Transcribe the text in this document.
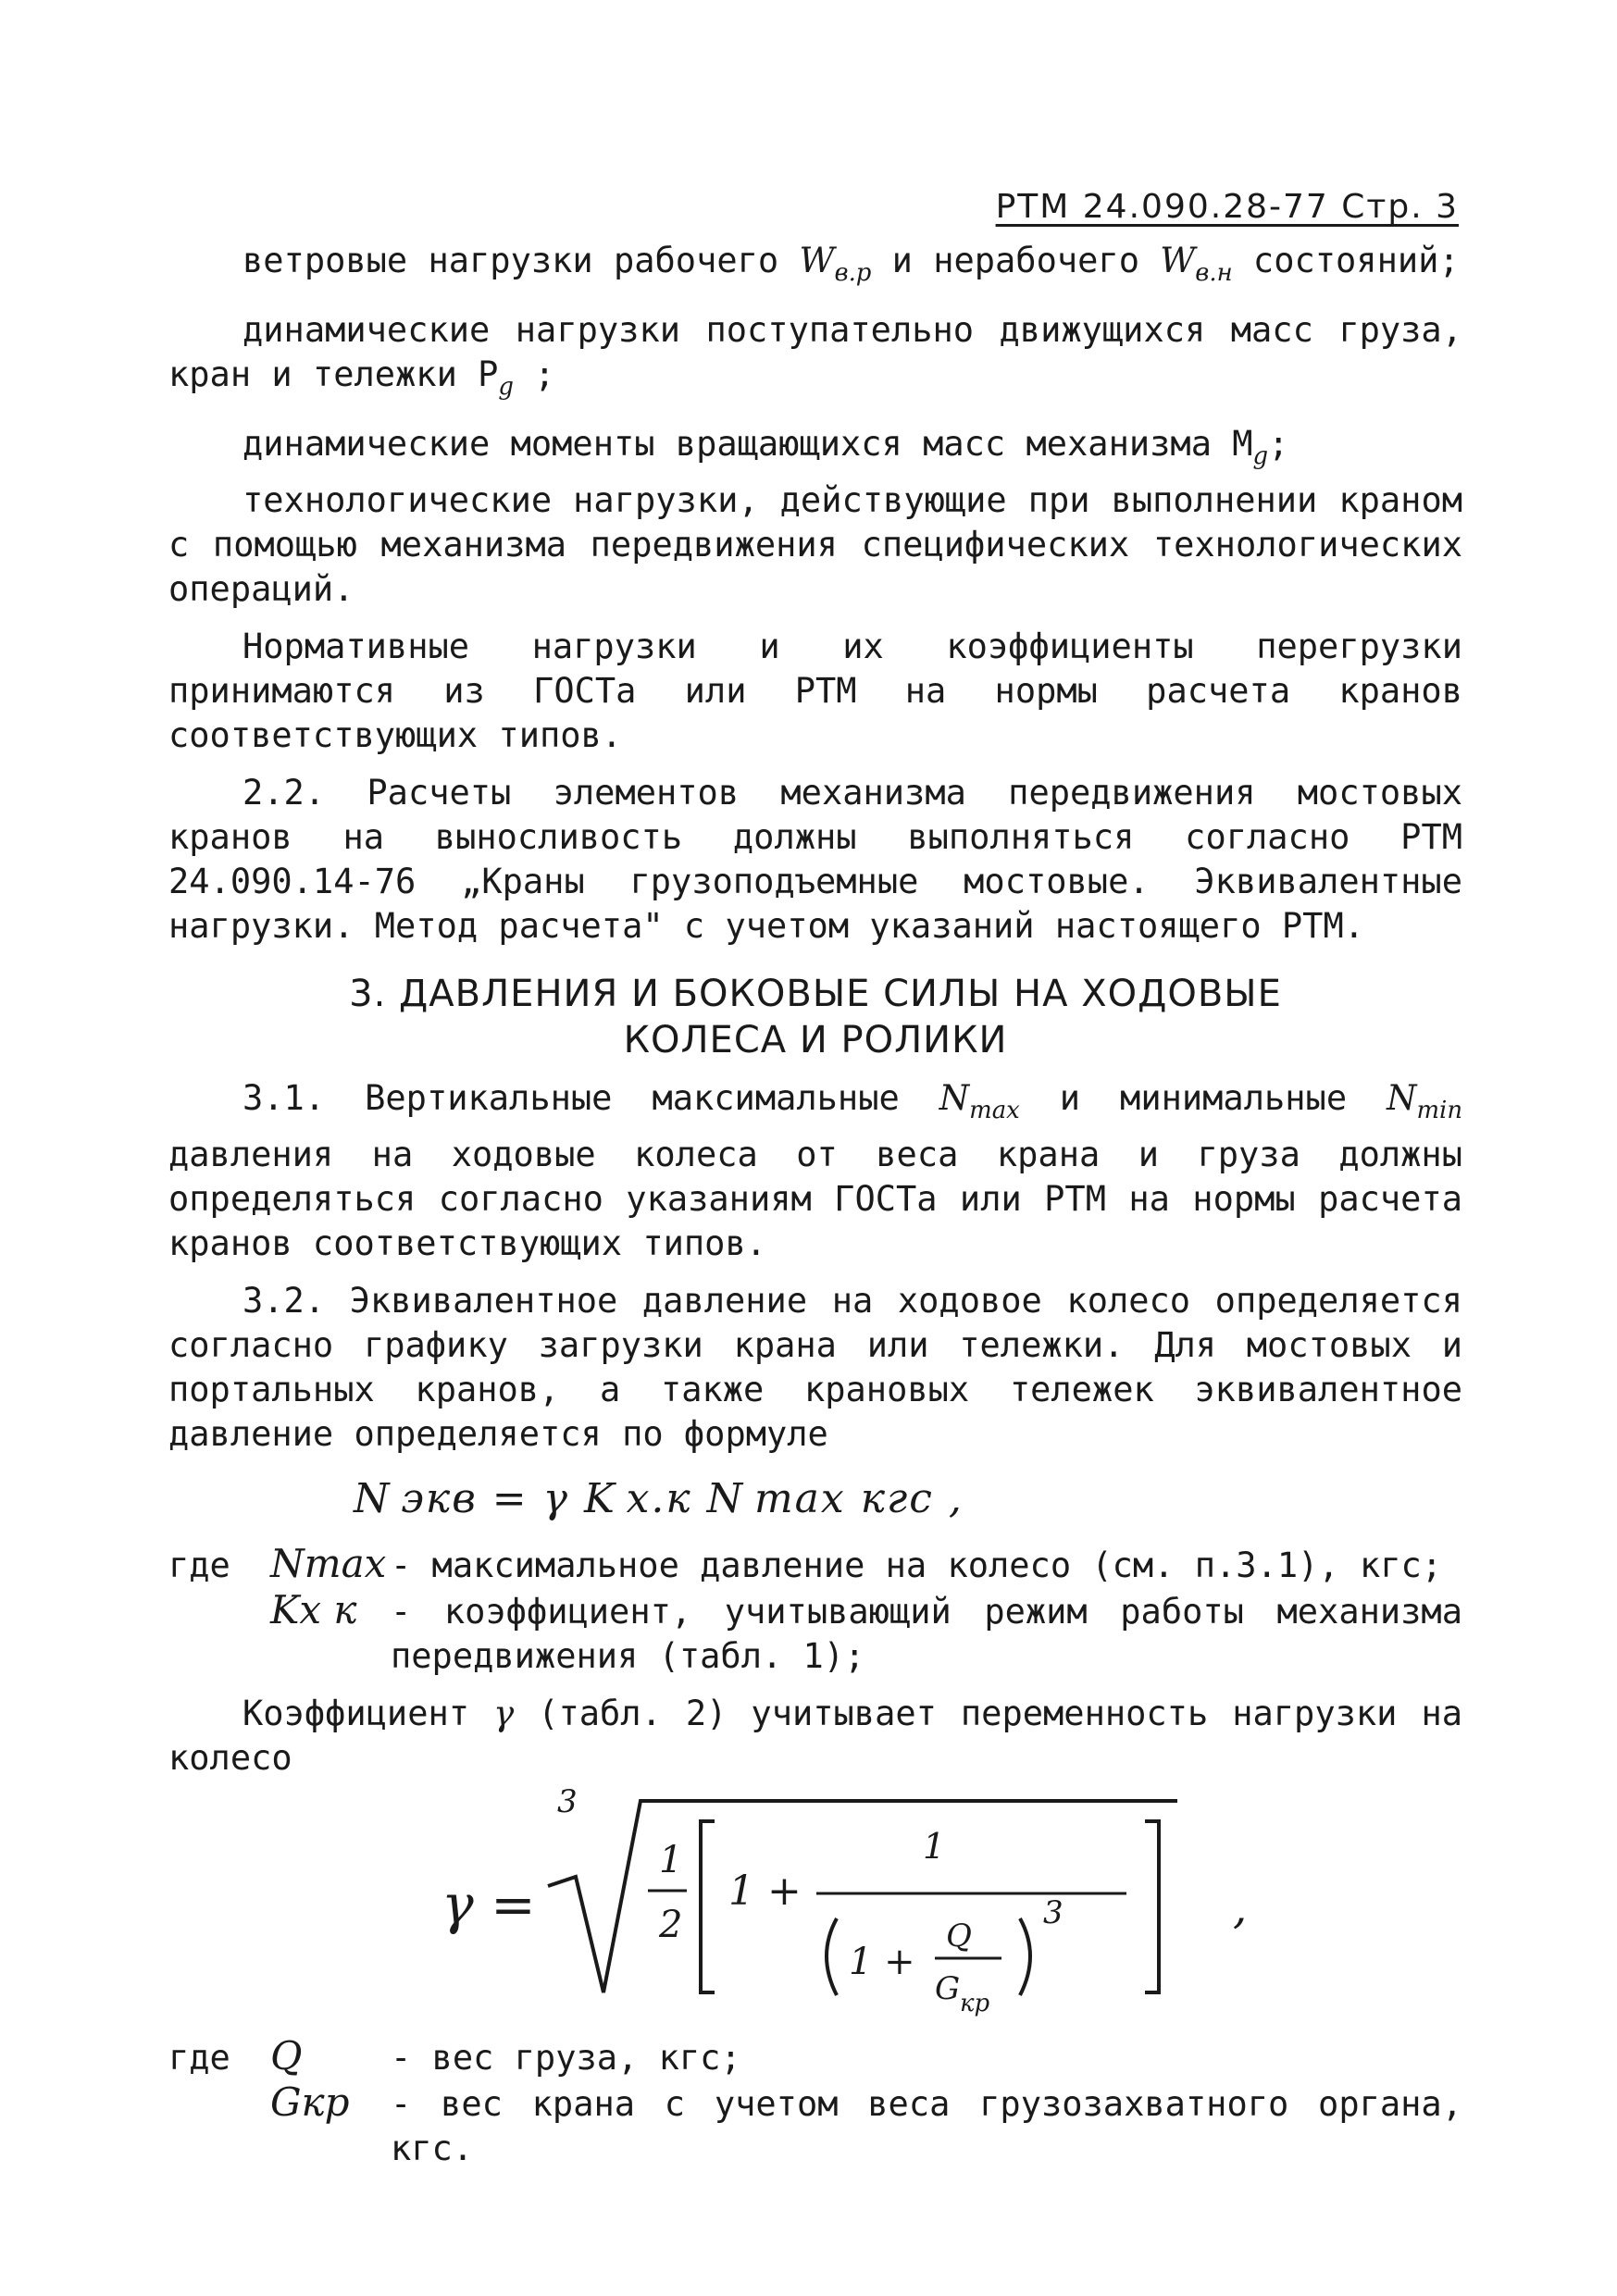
РТМ 24.090.28-77 Стр. 3

ветровые нагрузки рабочего $W_{в.р}$ и нерабочего $W_{в.н}$ состояний;

динамические нагрузки поступательно движущихся масс груза, кран и тележки $P_g$ ;

динамические моменты вращающихся масс механизма $M_g$;

технологические нагрузки, действующие при выполнении краном с помощью механизма передвижения специфических технологических операций.

Нормативные нагрузки и их коэффициенты перегрузки принимаются из ГОСТа или РТМ на нормы расчета кранов соответствующих типов.

2.2. Расчеты элементов механизма передвижения мостовых кранов на выносливость должны выполняться согласно РТМ 24.090.14-76 „Краны грузоподъемные мостовые. Эквивалентные нагрузки. Метод расчета" с учетом указаний настоящего РТМ.

3. ДАВЛЕНИЯ И БОКОВЫЕ СИЛЫ НА ХОДОВЫЕ
КОЛЕСА И РОЛИКИ

3.1. Вертикальные максимальные $N_{max}$ и минимальные $N_{min}$ давления на ходовые колеса от веса крана и груза должны определяться согласно указаниям ГОСТа или РТМ на нормы расчета кранов соответствующих типов.

3.2. Эквивалентное давление на ходовое колесо определяется согласно графику загрузки крана или тележки. Для мостовых и портальных кранов, а также крановых тележек эквивалентное давление определяется по формуле

N экв = γ K х.к N max кгс ,
где	Nmax - максимальное давление на колесо (см. п.3.1), кгс;
Kх к - коэффициент, учитывающий режим работы механизма передвижения (табл. 1);

Коэффициент γ (табл. 2) учитывает переменность нагрузки на колесо

γ =
3
1
2
1 +
1
1 +
Q
G кр
3	,
где	Q	- вес груза, кгс;
Gкр	- вес крана с учетом веса грузозахватного органа, кгс.
